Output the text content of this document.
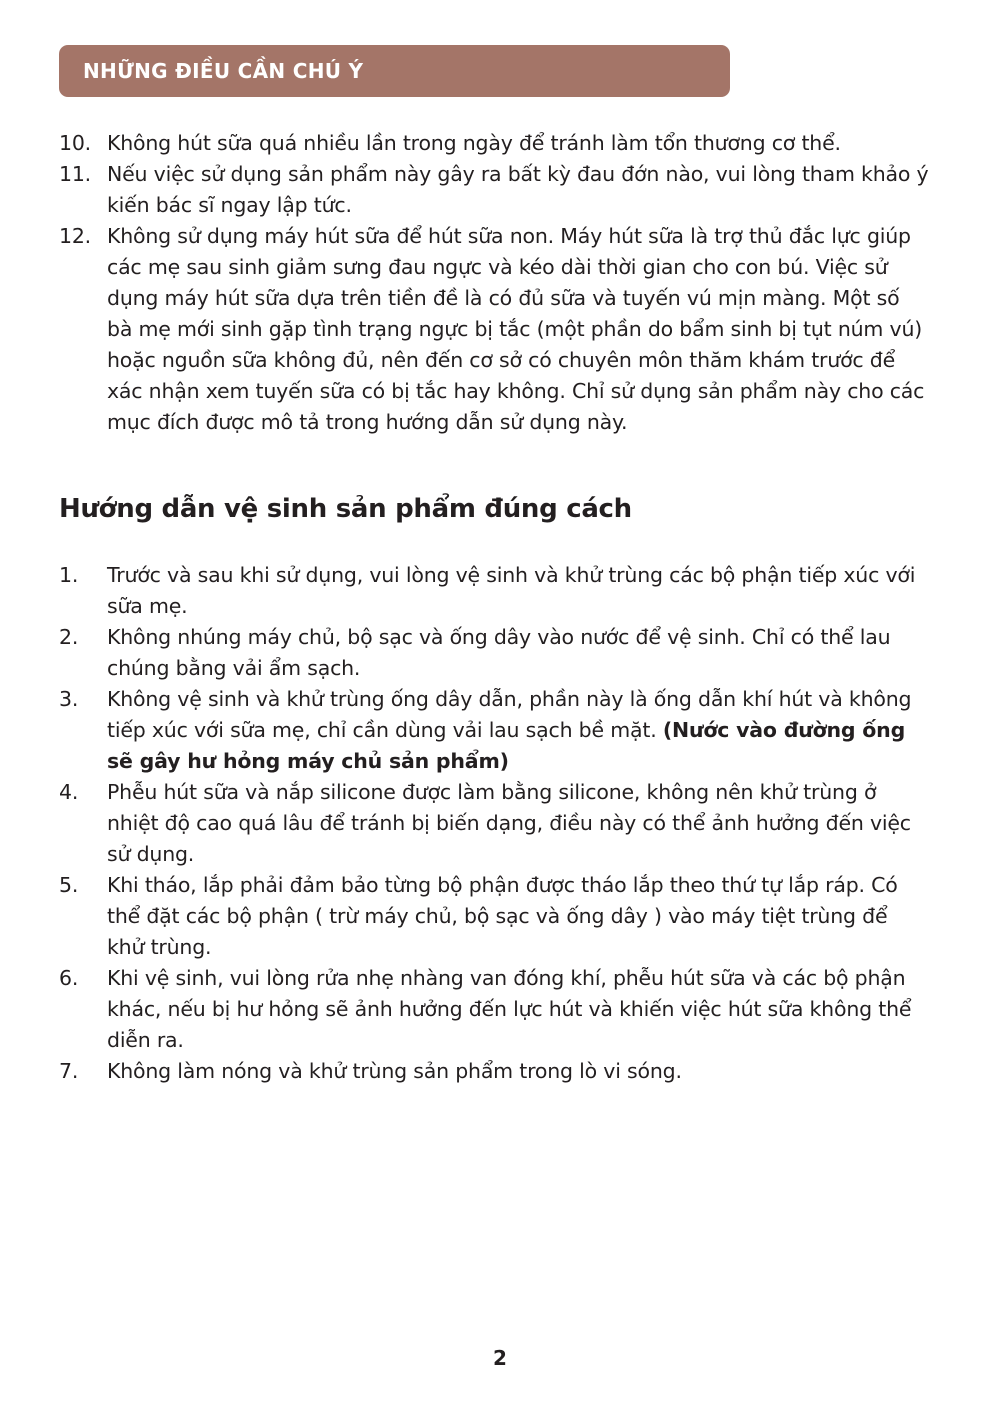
NHỮNG ĐIỀU CẦN CHÚ Ý
10. Không hút sữa quá nhiều lần trong ngày để tránh làm tổn thương cơ thể.
11. Nếu việc sử dụng sản phẩm này gây ra bất kỳ đau đớn nào, vui lòng tham khảo ý kiến bác sĩ ngay lập tức.
12. Không sử dụng máy hút sữa để hút sữa non. Máy hút sữa là trợ thủ đắc lực giúp các mẹ sau sinh giảm sưng đau ngực và kéo dài thời gian cho con bú. Việc sử dụng máy hút sữa dựa trên tiền đề là có đủ sữa và tuyến vú mịn màng. Một số bà mẹ mới sinh gặp tình trạng ngực bị tắc (một phần do bẩm sinh bị tụt núm vú) hoặc nguồn sữa không đủ, nên đến cơ sở có chuyên môn thăm khám trước để xác nhận xem tuyến sữa có bị tắc hay không. Chỉ sử dụng sản phẩm này cho các mục đích được mô tả trong hướng dẫn sử dụng này.
Hướng dẫn vệ sinh sản phẩm đúng cách
1.	Trước và sau khi sử dụng, vui lòng vệ sinh và khử trùng các bộ phận tiếp xúc với sữa mẹ.
2.	Không nhúng máy chủ, bộ sạc và ống dây vào nước để vệ sinh. Chỉ có thể lau chúng bằng vải ẩm sạch.
3.	Không vệ sinh và khử trùng ống dây dẫn, phần này là ống dẫn khí hút và không tiếp xúc với sữa mẹ, chỉ cần dùng vải lau sạch bề mặt. (Nước vào đường ống sẽ gây hư hỏng máy chủ sản phẩm)
4.	Phễu hút sữa và nắp silicone được làm bằng silicone, không nên khử trùng ở nhiệt độ cao quá lâu để tránh bị biến dạng, điều này có thể ảnh hưởng đến việc sử dụng.
5.	Khi tháo, lắp phải đảm bảo từng bộ phận được tháo lắp theo thứ tự lắp ráp. Có thể đặt các bộ phận ( trừ máy chủ, bộ sạc và ống dây ) vào máy tiệt trùng để khử trùng.
6.	Khi vệ sinh, vui lòng rửa nhẹ nhàng van đóng khí, phễu hút sữa và các bộ phận khác, nếu bị hư hỏng sẽ ảnh hưởng đến lực hút và khiến việc hút sữa không thể diễn ra.
7.	Không làm nóng và khử trùng sản phẩm trong lò vi sóng.
2
